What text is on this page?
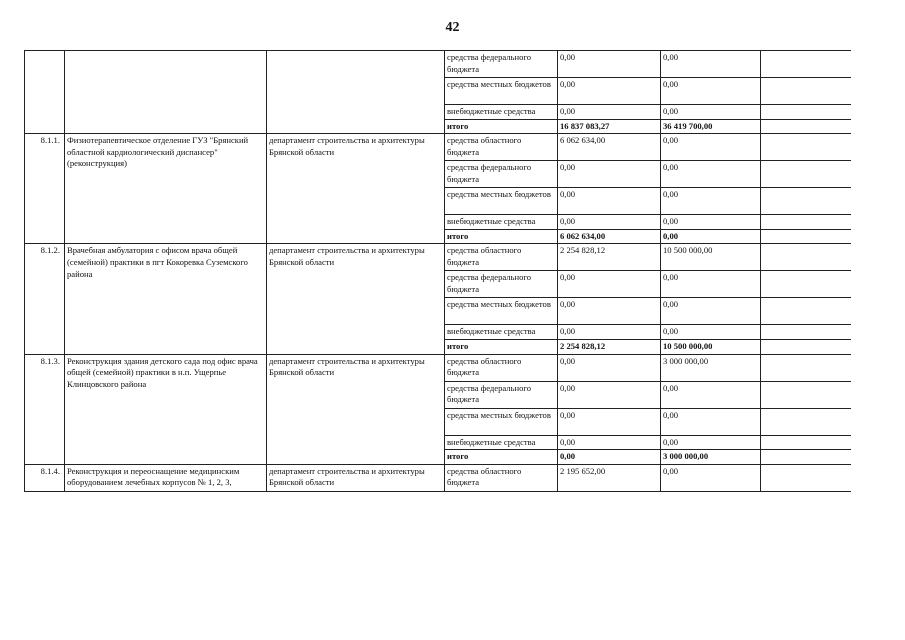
42
			средства федерального бюджета	0,00	0,00	
			средства местных бюджетов	0,00	0,00	
			внебюджетные средства	0,00	0,00	
			итого	16 837 083,27	36 419 700,00	
8.1.1.	Физиотерапевтическое отделение ГУЗ "Брянский областной кардиологический диспансер" (реконструкция)	департамент строительства и архитектуры Брянской области	средства областного бюджета	6 062 634,00	0,00	
			средства федерального бюджета	0,00	0,00	
			средства местных бюджетов	0,00	0,00	
			внебюджетные средства	0,00	0,00	
			итого	6 062 634,00	0,00	
8.1.2.	Врачебная амбулатория с офисом врача общей (семейной) практики в пгт Кокоревка Суземского района	департамент строительства и архитектуры Брянской области	средства областного бюджета	2 254 828,12	10 500 000,00	
			средства федерального бюджета	0,00	0,00	
			средства местных бюджетов	0,00	0,00	
			внебюджетные средства	0,00	0,00	
			итого	2 254 828,12	10 500 000,00	
8.1.3.	Реконструкция здания детского сада под офис врача общей (семейной) практики в н.п. Ущерпье Клинцовского района	департамент строительства и архитектуры Брянской области	средства областного бюджета	0,00	3 000 000,00	
			средства федерального бюджета	0,00	0,00	
			средства местных бюджетов	0,00	0,00	
			внебюджетные средства	0,00	0,00	
			итого	0,00	3 000 000,00	
8.1.4.	Реконструкция и переоснащение медицинским оборудованием лечебных корпусов № 1, 2, 3,	департамент строительства и архитектуры Брянской области	средства областного бюджета	2 195 652,00	0,00	
